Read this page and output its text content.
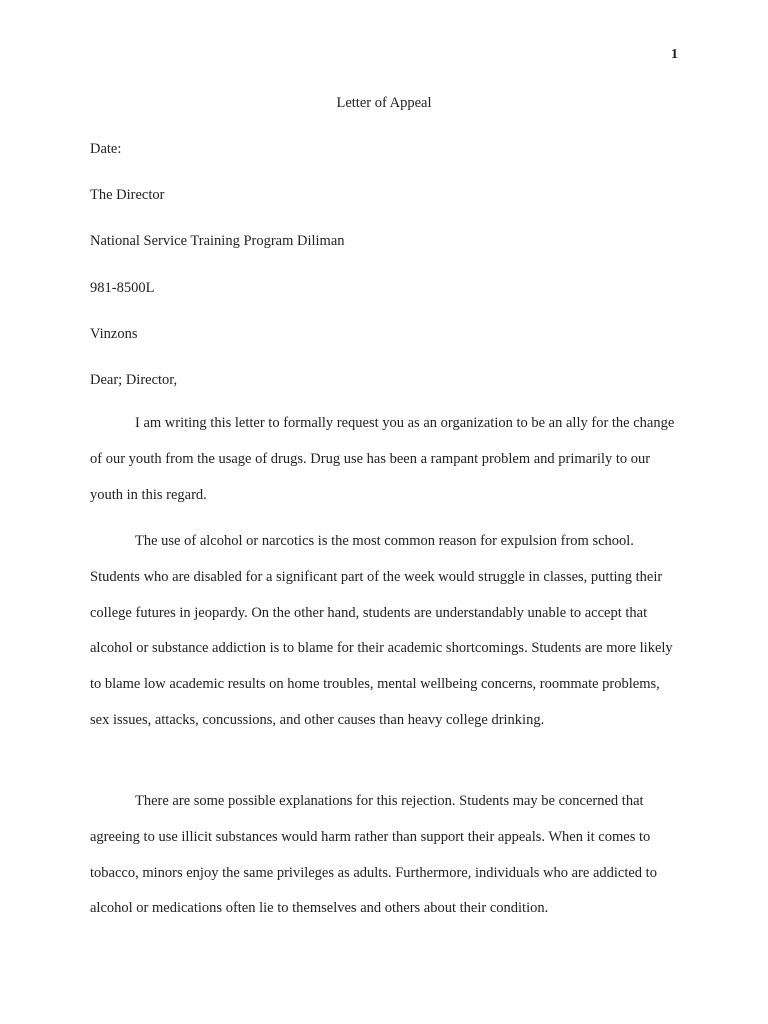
1
Letter of Appeal
Date:
The Director
National Service Training Program Diliman
981-8500L
Vinzons
Dear; Director,

I am writing this letter to formally request you as an organization to be an ally for the change of our youth from the usage of drugs. Drug use has been a rampant problem and primarily to our youth in this regard.

The use of alcohol or narcotics is the most common reason for expulsion from school. Students who are disabled for a significant part of the week would struggle in classes, putting their college futures in jeopardy. On the other hand, students are understandably unable to accept that alcohol or substance addiction is to blame for their academic shortcomings. Students are more likely to blame low academic results on home troubles, mental wellbeing concerns, roommate problems, sex issues, attacks, concussions, and other causes than heavy college drinking.

There are some possible explanations for this rejection. Students may be concerned that agreeing to use illicit substances would harm rather than support their appeals. When it comes to tobacco, minors enjoy the same privileges as adults. Furthermore, individuals who are addicted to alcohol or medications often lie to themselves and others about their condition.
